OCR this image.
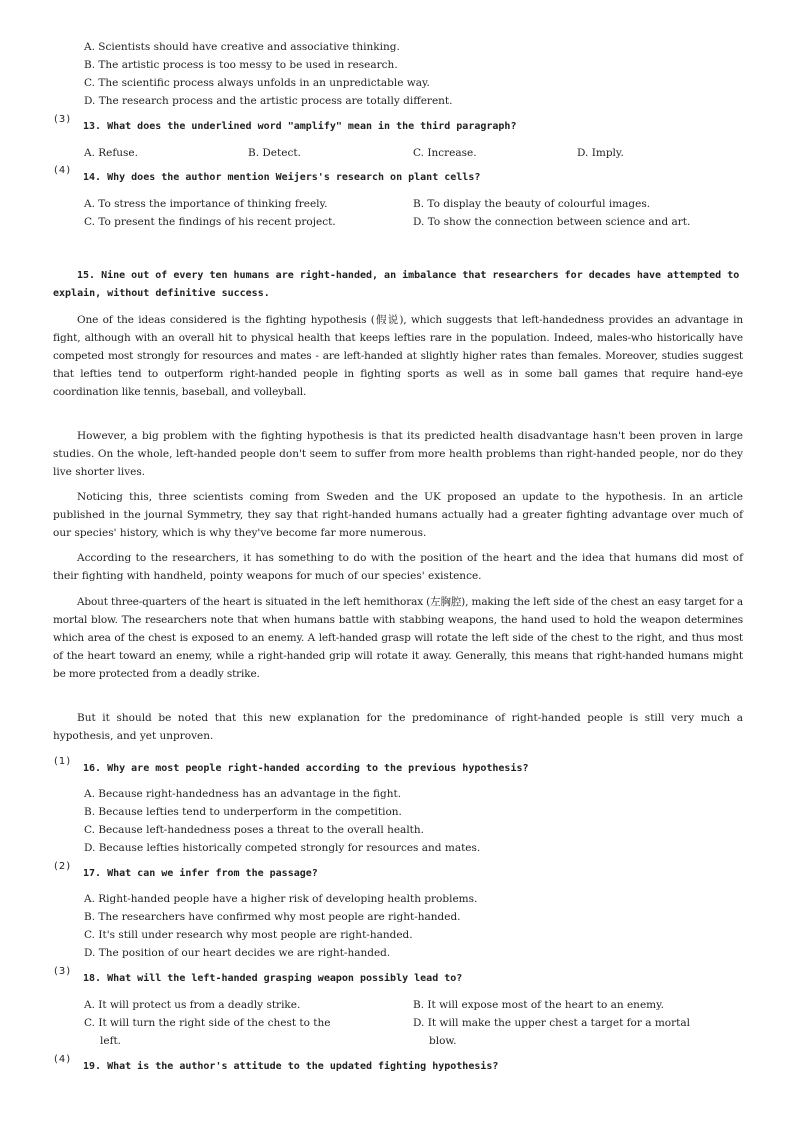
A. Scientists should have creative and associative thinking.
B. The artistic process is too messy to be used in research.
C. The scientific process always unfolds in an unpredictable way.
D. The research process and the artistic process are totally different.
(3)
13. What does the underlined word "amplify" mean in the third paragraph?
A. Refuse.	B. Detect.	C. Increase.	D. Imply.
(4)
14. Why does the author mention Weijers's research on plant cells?
A. To stress the importance of thinking freely.	B. To display the beauty of colourful images.
C. To present the findings of his recent project.	D. To show the connection between science and art.
15. Nine out of every ten humans are right-handed, an imbalance that researchers for decades have attempted to explain, without definitive success.
One of the ideas considered is the fighting hypothesis (假说), which suggests that left-handedness provides an advantage in fight, although with an overall hit to physical health that keeps lefties rare in the population. Indeed, males-who historically have competed most strongly for resources and mates - are left-handed at slightly higher rates than females. Moreover, studies suggest that lefties tend to outperform right-handed people in fighting sports as well as in some ball games that require hand-eye coordination like tennis, baseball, and volleyball.
However, a big problem with the fighting hypothesis is that its predicted health disadvantage hasn't been proven in large studies. On the whole, left-handed people don't seem to suffer from more health problems than right-handed people, nor do they live shorter lives.
Noticing this, three scientists coming from Sweden and the UK proposed an update to the hypothesis. In an article published in the journal Symmetry, they say that right-handed humans actually had a greater fighting advantage over much of our species' history, which is why they've become far more numerous.
According to the researchers, it has something to do with the position of the heart and the idea that humans did most of their fighting with handheld, pointy weapons for much of our species' existence.
About three-quarters of the heart is situated in the left hemithorax (左胸腔), making the left side of the chest an easy target for a mortal blow. The researchers note that when humans battle with stabbing weapons, the hand used to hold the weapon determines which area of the chest is exposed to an enemy. A left-handed grasp will rotate the left side of the chest to the right, and thus most of the heart toward an enemy, while a right-handed grip will rotate it away. Generally, this means that right-handed humans might be more protected from a deadly strike.
But it should be noted that this new explanation for the predominance of right-handed people is still very much a hypothesis, and yet unproven.
(1)
16. Why are most people right-handed according to the previous hypothesis?
A. Because right-handedness has an advantage in the fight.
B. Because lefties tend to underperform in the competition.
C. Because left-handedness poses a threat to the overall health.
D. Because lefties historically competed strongly for resources and mates.
(2)
17. What can we infer from the passage?
A. Right-handed people have a higher risk of developing health problems.
B. The researchers have confirmed why most people are right-handed.
C. It's still under research why most people are right-handed.
D. The position of our heart decides we are right-handed.
(3)
18. What will the left-handed grasping weapon possibly lead to?
A. It will protect us from a deadly strike.	B. It will expose most of the heart to an enemy.
C. It will turn the right side of the chest to the
left.
D. It will make the upper chest a target for a mortal
blow.
(4)
19. What is the author's attitude to the updated fighting hypothesis?
